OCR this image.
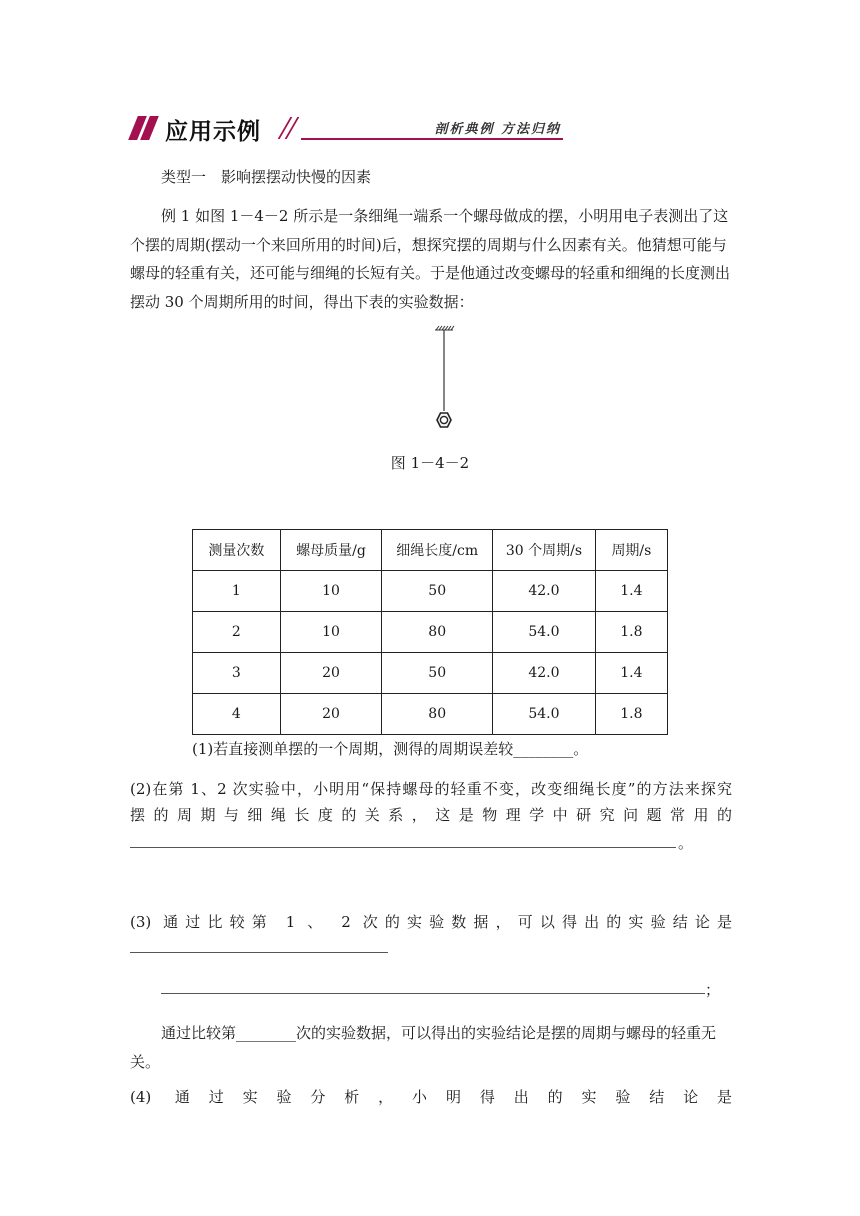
应用示例	剖析典例 方法归纳
类型一　影响摆摆动快慢的因素
例 1 如图 1－4－2 所示是一条细绳一端系一个螺母做成的摆，小明用电子表测出了这个摆的周期(摆动一个来回所用的时间)后，想探究摆的周期与什么因素有关。他猜想可能与螺母的轻重有关，还可能与细绳的长短有关。于是他通过改变螺母的轻重和细绳的长度测出摆动 30 个周期所用的时间，得出下表的实验数据：
图 1－4－2
测量次数	螺母质量/g	细绳长度/cm	30 个周期/s	周期/s
1	10	50	42.0	1.4
2	10	80	54.0	1.8
3	20	50	42.0	1.4
4	20	80	54.0	1.8
(1)若直接测单摆的一个周期，测得的周期误差较________。
(2)在第 1、2 次实验中，小明用“保持螺母的轻重不变，改变细绳长度”的方法来探究
摆的周期与细绳长度的关系，这是物理学中研究问题常用的
。
(3) 通过比较第 1 、 2 次的实验数据，可以得出的实验结论是
；
通过比较第________次的实验数据，可以得出的实验结论是摆的周期与螺母的轻重无关。
(4) 通过实验分析，小明得出的实验结论是
